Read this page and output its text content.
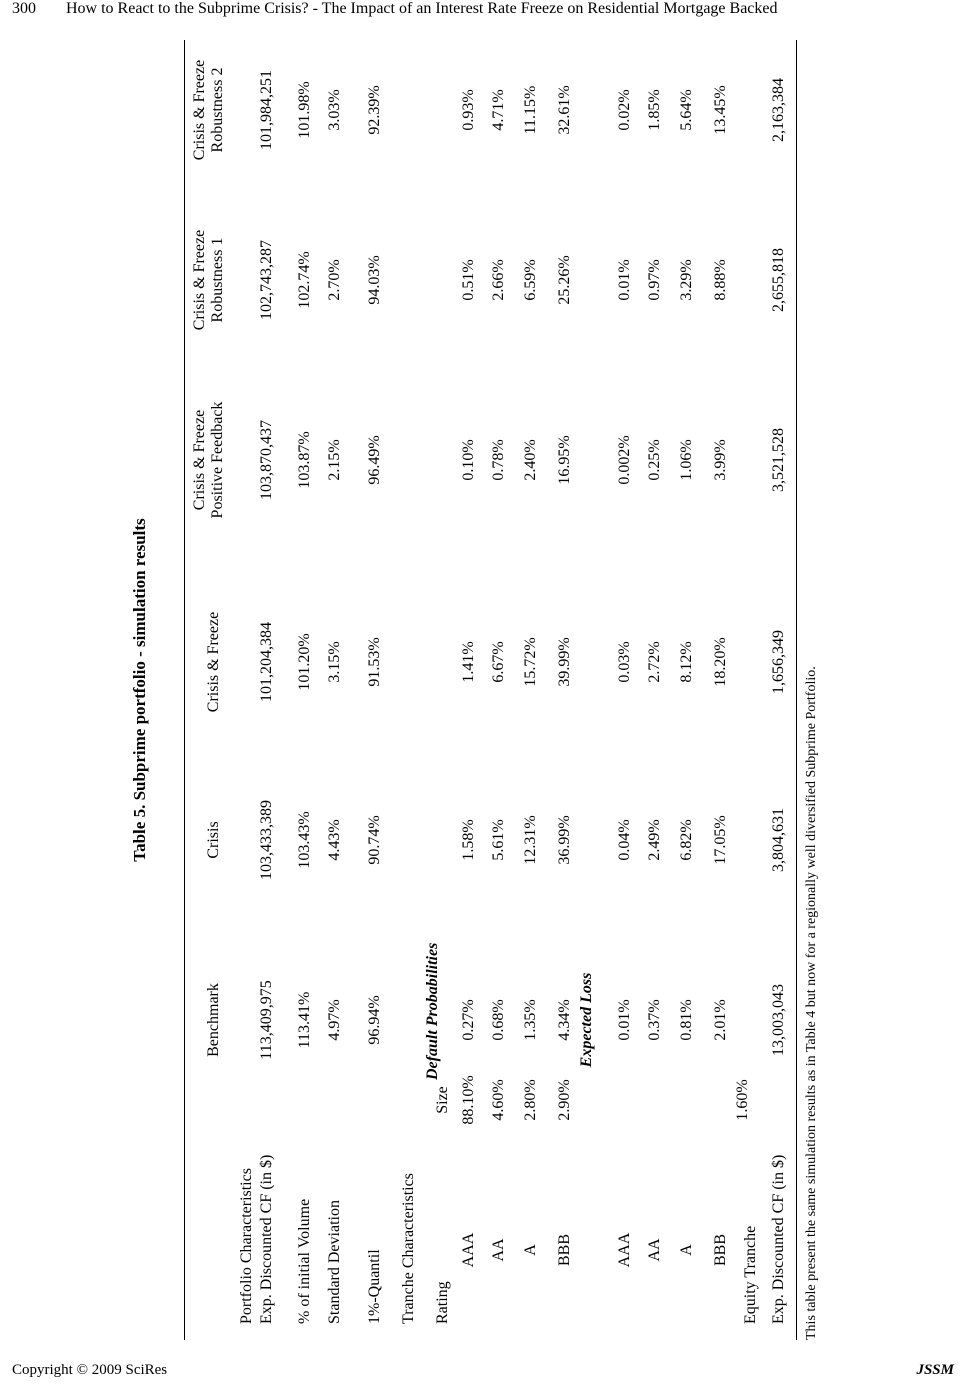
300 How to React to the Subprime Crisis? - The Impact of an Interest Rate Freeze on Residential Mortgage Backed
Table 5. Subprime portfolio - simulation results	This table present the same simulation results as in Table 4 but now for a regionally well diversified Subprime Portfolio.
Benchmark
Crisis
Crisis & Freeze
Crisis & Freeze Positive Feedback
Crisis & Freeze Robustness 1
Crisis & Freeze Robustness 2
Portfolio Characteristics Exp. Discounted CF (in $)
113,409,975
103,433,389
101,204,384
103,870,437
102,743,287
101,984,251
% of initial Volume
113.41%
103.43%
101.20%
103.87%
102.74%
101.98%
Standard Deviation
4.97%
4.43%
3.15%
2.15%
2.70%
3.03%
1%-Quantil
96.94%
90.74%
91.53%
96.49%
94.03%
92.39%
Tranche Characteristics Rating
Size
Default Probabilities
AAA
88.10%
0.27%
1.58%
1.41%
0.10%
0.51%
0.93%
AA
4.60%
0.68%
5.61%
6.67%
0.78%
2.66%
4.71%
A
2.80%
1.35%
12.31%
15.72%
2.40%
6.59%
11.15%
BBB
2.90%
4.34%
36.99%
39.99%
16.95%
25.26%
32.61%
Expected Loss
AAA
0.01%
0.04%
0.03%
0.002%
0.01%
0.02%
AA
0.37%
2.49%
2.72%
0.25%
0.97%
1.85%
A
0.81%
6.82%
8.12%
1.06%
3.29%
5.64%
BBB
2.01%
17.05%
18.20%
3.99%
8.88%
13.45%
Equity Tranche
1.60%
Exp. Discounted CF (in $)
13,003,043
3,804,631
1,656,349
3,521,528
2,655,818
2,163,384
Copyright © 2009 SciRes	JSSM
